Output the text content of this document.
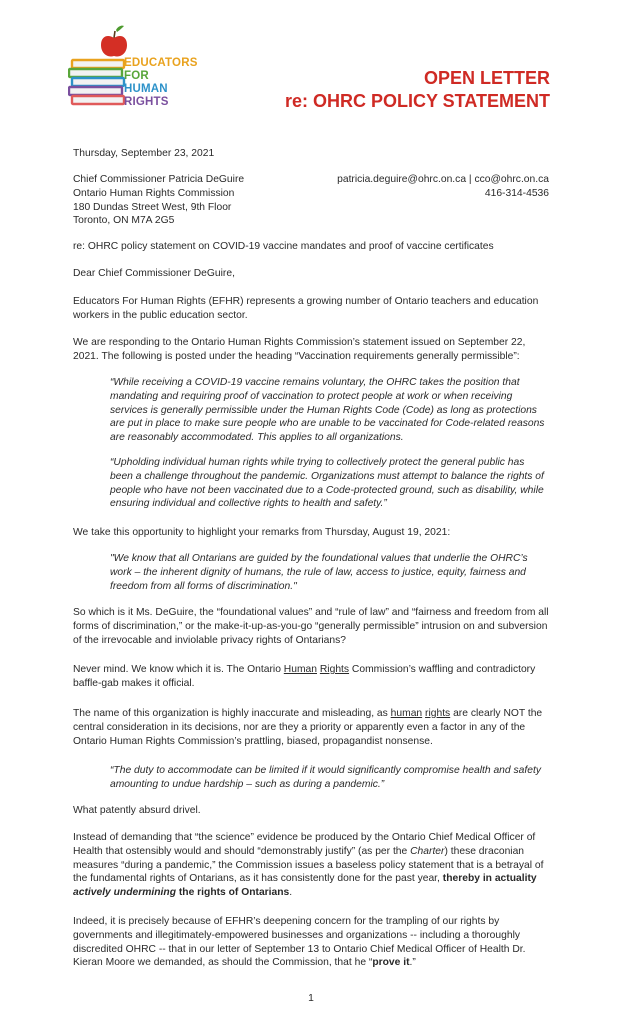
EDUCATORS
FOR
HUMAN
RIGHTS
OPEN LETTER
re: OHRC POLICY STATEMENT

Thursday, September 23, 2021

Chief Commissioner Patricia DeGuire
Ontario Human Rights Commission
180 Dundas Street West, 9th Floor
Toronto, ON M7A 2G5
patricia.deguire@ohrc.on.ca | cco@ohrc.on.ca
416-314-4536

re: OHRC policy statement on COVID-19 vaccine mandates and proof of vaccine certificates

Dear Chief Commissioner DeGuire,

Educators For Human Rights (EFHR) represents a growing number of Ontario teachers and education workers in the public education sector.

We are responding to the Ontario Human Rights Commission’s statement issued on September 22, 2021. The following is posted under the heading “Vaccination requirements generally permissible”:

“While receiving a COVID-19 vaccine remains voluntary, the OHRC takes the position that mandating and requiring proof of vaccination to protect people at work or when receiving services is generally permissible under the Human Rights Code (Code) as long as protections are put in place to make sure people who are unable to be vaccinated for Code-related reasons are reasonably accommodated. This applies to all organizations.

“Upholding individual human rights while trying to collectively protect the general public has been a challenge throughout the pandemic. Organizations must attempt to balance the rights of people who have not been vaccinated due to a Code-protected ground, such as disability, while ensuring individual and collective rights to health and safety.”

We take this opportunity to highlight your remarks from Thursday, August 19, 2021:

"We know that all Ontarians are guided by the foundational values that underlie the OHRC’s work – the inherent dignity of humans, the rule of law, access to justice, equity, fairness and freedom from all forms of discrimination."

So which is it Ms. DeGuire, the “foundational values” and “rule of law” and “fairness and freedom from all forms of discrimination,” or the make-it-up-as-you-go “generally permissible” intrusion on and subversion of the irrevocable and inviolable privacy rights of Ontarians?

Never mind. We know which it is. The Ontario Human Rights Commission’s waffling and contradictory baffle-gab makes it official.

The name of this organization is highly inaccurate and misleading, as human rights are clearly NOT the central consideration in its decisions, nor are they a priority or apparently even a factor in any of the Ontario Human Rights Commission’s prattling, biased, propagandist nonsense.

“The duty to accommodate can be limited if it would significantly compromise health and safety amounting to undue hardship – such as during a pandemic.”

What patently absurd drivel.

Instead of demanding that “the science” evidence be produced by the Ontario Chief Medical Officer of Health that ostensibly would and should “demonstrably justify” (as per the Charter) these draconian measures “during a pandemic,” the Commission issues a baseless policy statement that is a betrayal of the fundamental rights of Ontarians, as it has consistently done for the past year, thereby in actuality actively undermining the rights of Ontarians.

Indeed, it is precisely because of EFHR’s deepening concern for the trampling of our rights by governments and illegitimately-empowered businesses and organizations -- including a thoroughly discredited OHRC -- that in our letter of September 13 to Ontario Chief Medical Officer of Health Dr. Kieran Moore we demanded, as should the Commission, that he “prove it.”

1
